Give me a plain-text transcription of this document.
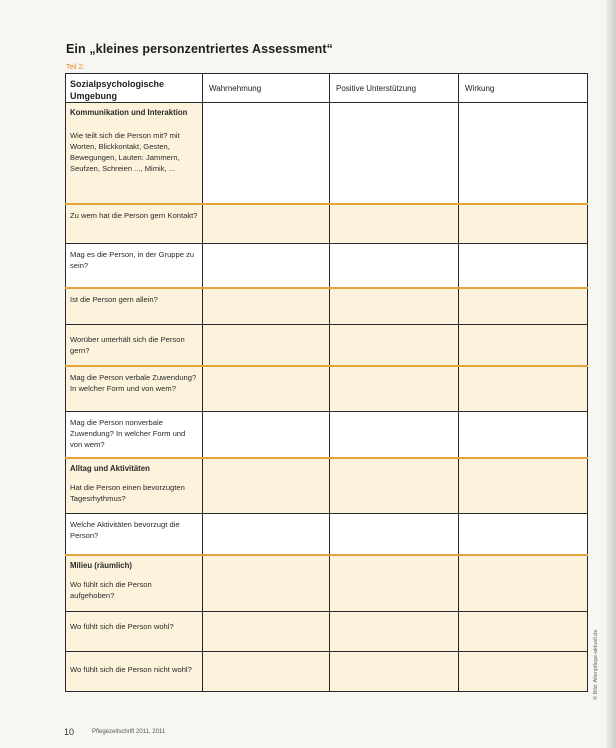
Ein „kleines personzentriertes Assessment“
Teil 2:
Sozialpsychologische Umgebung	Wahrnehmung	Positive Unterstützung	Wirkung

Kommunikation und Interaktion
Wie teilt sich die Person mit? mit Worten, Blickkontakt, Gesten, Bewegungen, Lauten: Jammern, Seufzen, Schreien ..., Mimik, ...			
Zu wem hat die Person gern Kontakt?			
Mag es die Person, in der Gruppe zu sein?			
Ist die Person gern allein?			
Worüber unterhält sich die Person gern?			
Mag die Person verbale Zuwendung? In welcher Form und von wem?			
Mag die Person nonverbale Zuwendung? In welcher Form und von wem?			

Alltag und Aktivitäten
Hat die Person einen bevorzugten Tagesrhythmus?			
Welche Aktivitäten bevorzugt die Person?			

Milieu (räumlich)
Wo fühlt sich die Person aufgehoben?			
Wo fühlt sich die Person wohl?			
Wo fühlt sich die Person nicht wohl?			
10	Pflegezeitschrift 2011, 2011
© Bild: Altenpflege-aktuell.de
